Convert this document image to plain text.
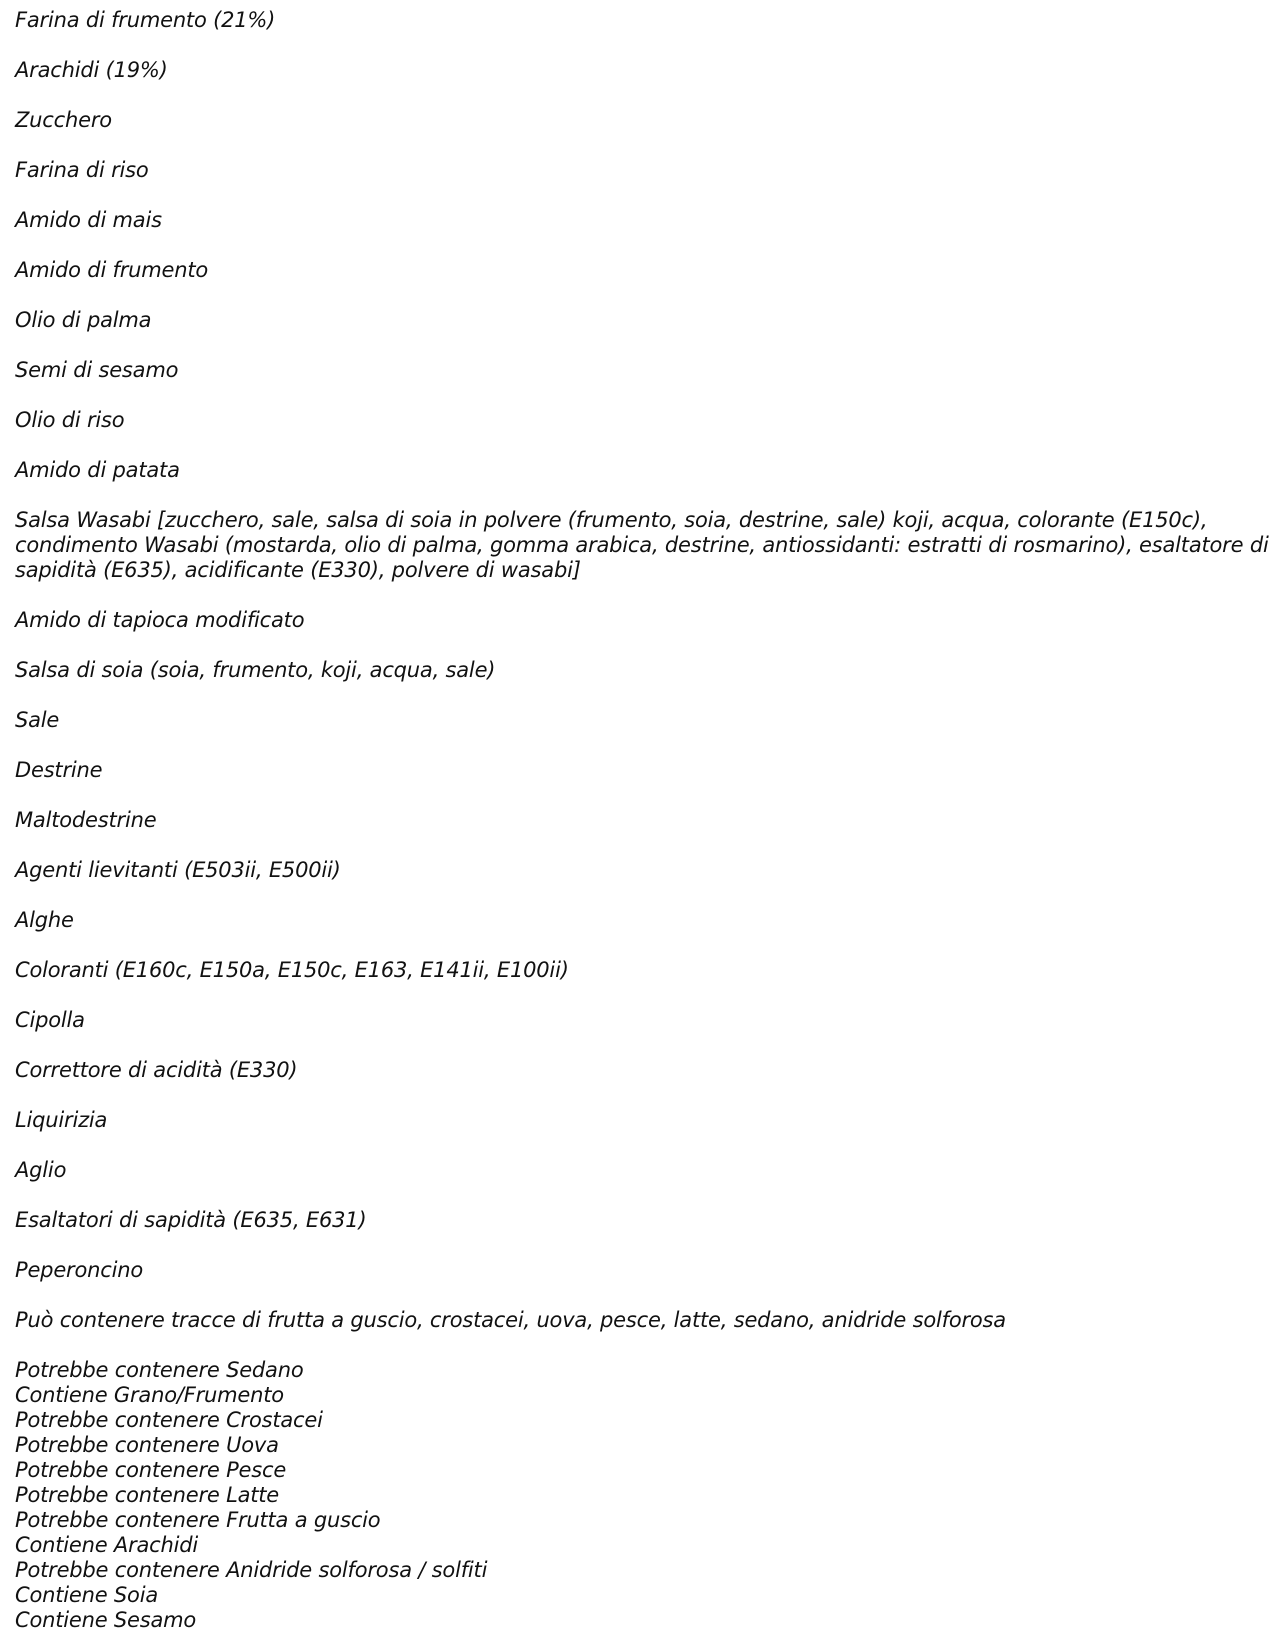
Farina di frumento (21%)
Arachidi (19%)
Zucchero
Farina di riso
Amido di mais
Amido di frumento
Olio di palma
Semi di sesamo
Olio di riso
Amido di patata
Salsa Wasabi [zucchero, sale, salsa di soia in polvere (frumento, soia, destrine, sale) koji, acqua, colorante (E150c), condimento Wasabi (mostarda, olio di palma, gomma arabica, destrine, antiossidanti: estratti di rosmarino), esaltatore di sapidità (E635), acidificante (E330), polvere di wasabi]
Amido di tapioca modificato
Salsa di soia (soia, frumento, koji, acqua, sale)
Sale
Destrine
Maltodestrine
Agenti lievitanti (E503ii, E500ii)
Alghe
Coloranti (E160c, E150a, E150c, E163, E141ii, E100ii)
Cipolla
Correttore di acidità (E330)
Liquirizia
Aglio
Esaltatori di sapidità (E635, E631)
Peperoncino
Può contenere tracce di frutta a guscio, crostacei, uova, pesce, latte, sedano, anidride solforosa
Potrebbe contenere Sedano
Contiene Grano/Frumento
Potrebbe contenere Crostacei
Potrebbe contenere Uova
Potrebbe contenere Pesce
Potrebbe contenere Latte
Potrebbe contenere Frutta a guscio
Contiene Arachidi
Potrebbe contenere Anidride solforosa / solfiti
Contiene Soia
Contiene Sesamo
